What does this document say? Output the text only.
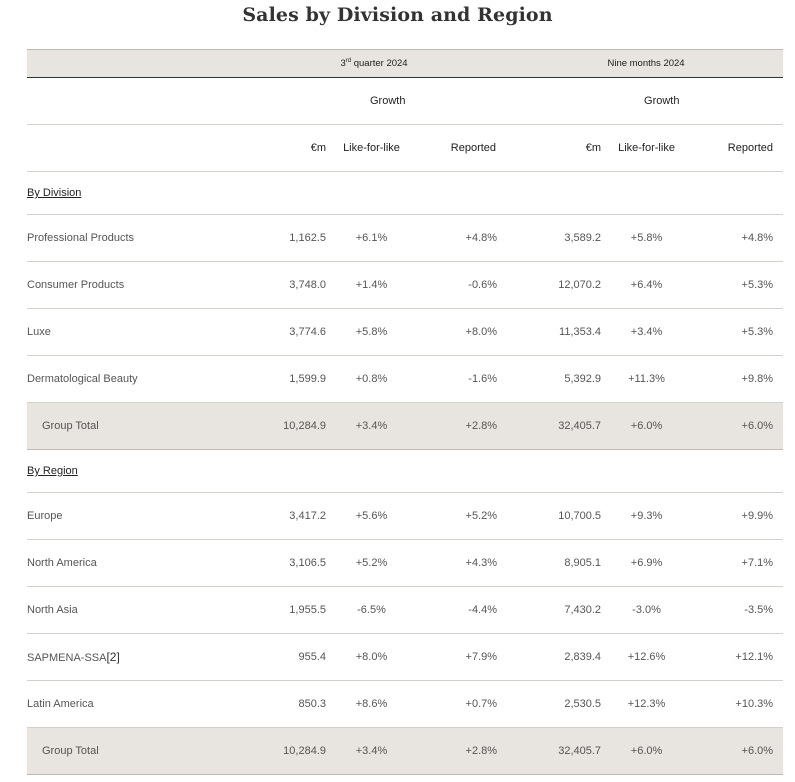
Sales by Division and Region
	3rd quarter 2024			Nine months 2024		
		Growth			Growth	
	€m	Like-for-like	Reported	€m	Like-for-like	Reported
By Division						
Professional Products	1,162.5	+6.1%	+4.8%	3,589.2	+5.8%	+4.8%
Consumer Products	3,748.0	+1.4%	-0.6%	12,070.2	+6.4%	+5.3%
Luxe	3,774.6	+5.8%	+8.0%	11,353.4	+3.4%	+5.3%
Dermatological Beauty	1,599.9	+0.8%	-1.6%	5,392.9	+11.3%	+9.8%
Group Total	10,284.9	+3.4%	+2.8%	32,405.7	+6.0%	+6.0%
By Region						
Europe	3,417.2	+5.6%	+5.2%	10,700.5	+9.3%	+9.9%
North America	3,106.5	+5.2%	+4.3%	8,905.1	+6.9%	+7.1%
North Asia	1,955.5	-6.5%	-4.4%	7,430.2	-3.0%	-3.5%
SAPMENA-SSA[2]	955.4	+8.0%	+7.9%	2,839.4	+12.6%	+12.1%
Latin America	850.3	+8.6%	+0.7%	2,530.5	+12.3%	+10.3%
Group Total	10,284.9	+3.4%	+2.8%	32,405.7	+6.0%	+6.0%
